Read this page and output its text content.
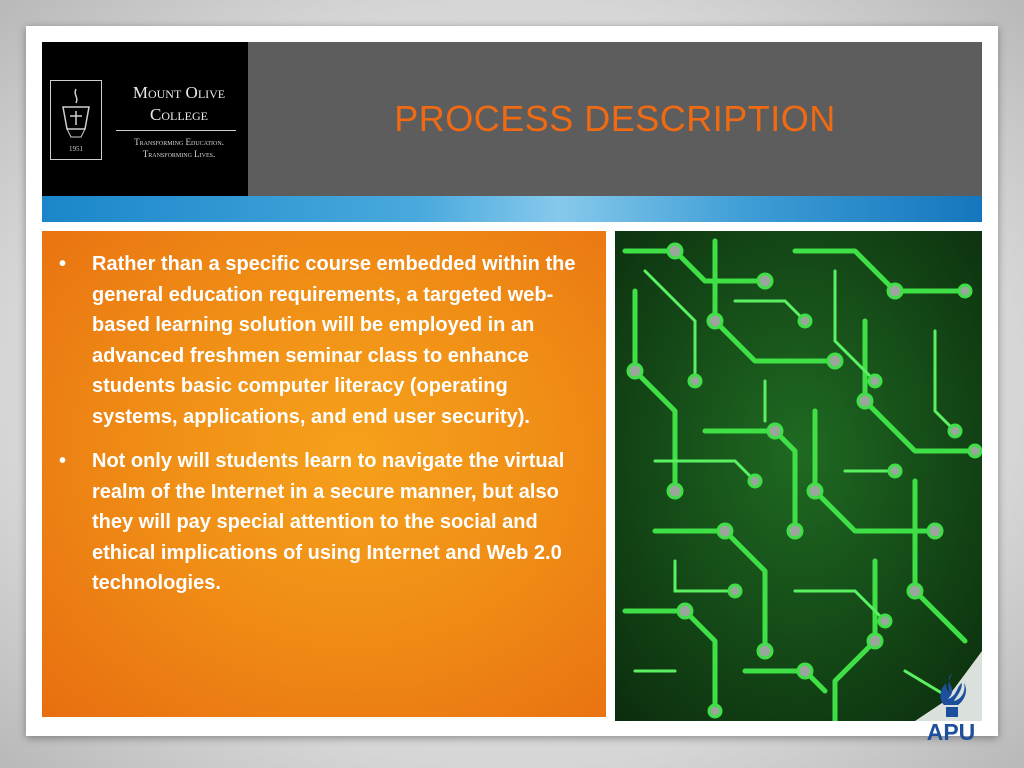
1951
Mount Olive
College
Transforming Education.
Transforming Lives.
PROCESS DESCRIPTION
•	Rather than a specific course embedded within the general education requirements, a targeted web-based learning solution will be employed in an advanced freshmen seminar class to enhance students basic computer literacy (operating systems, applications, and end user security).
•	Not only will students learn to navigate the virtual realm of the Internet in a secure manner, but also they will pay special attention to the social and ethical implications of using Internet and Web 2.0 technologies.
APU
